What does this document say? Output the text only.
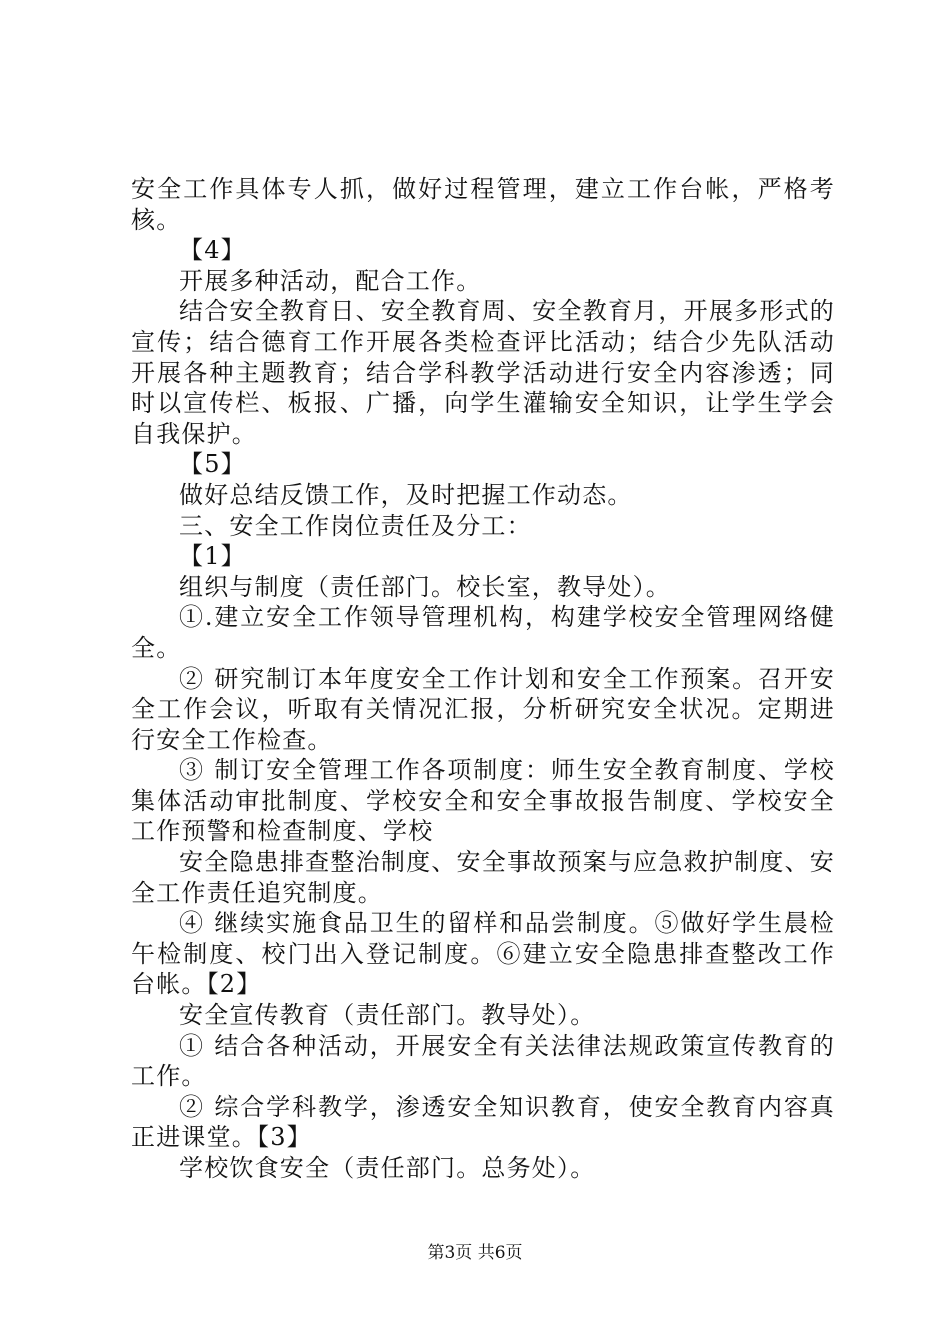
安全工作具体专人抓，做好过程管理，建立工作台帐，严格考核。

【4】

开展多种活动，配合工作。

结合安全教育日、安全教育周、安全教育月，开展多形式的宣传；结合德育工作开展各类检查评比活动；结合少先队活动开展各种主题教育；结合学科教学活动进行安全内容渗透；同时以宣传栏、板报、广播，向学生灌输安全知识，让学生学会自我保护。

【5】

做好总结反馈工作，及时把握工作动态。

三、安全工作岗位责任及分工：

【1】

组织与制度（责任部门。校长室，教导处）。

①.建立安全工作领导管理机构，构建学校安全管理网络健全。

② 研究制订本年度安全工作计划和安全工作预案。召开安全工作会议，听取有关情况汇报，分析研究安全状况。定期进行安全工作检查。

③ 制订安全管理工作各项制度：师生安全教育制度、学校集体活动审批制度、学校安全和安全事故报告制度、学校安全工作预警和检查制度、学校

安全隐患排查整治制度、安全事故预案与应急救护制度、安全工作责任追究制度。

④ 继续实施食品卫生的留样和品尝制度。⑤做好学生晨检午检制度、校门出入登记制度。⑥建立安全隐患排查整改工作台帐。【2】

安全宣传教育（责任部门。教导处）。

① 结合各种活动，开展安全有关法律法规政策宣传教育的工作。

② 综合学科教学，渗透安全知识教育，使安全教育内容真正进课堂。【3】

学校饮食安全（责任部门。总务处）。

第3页 共6页
